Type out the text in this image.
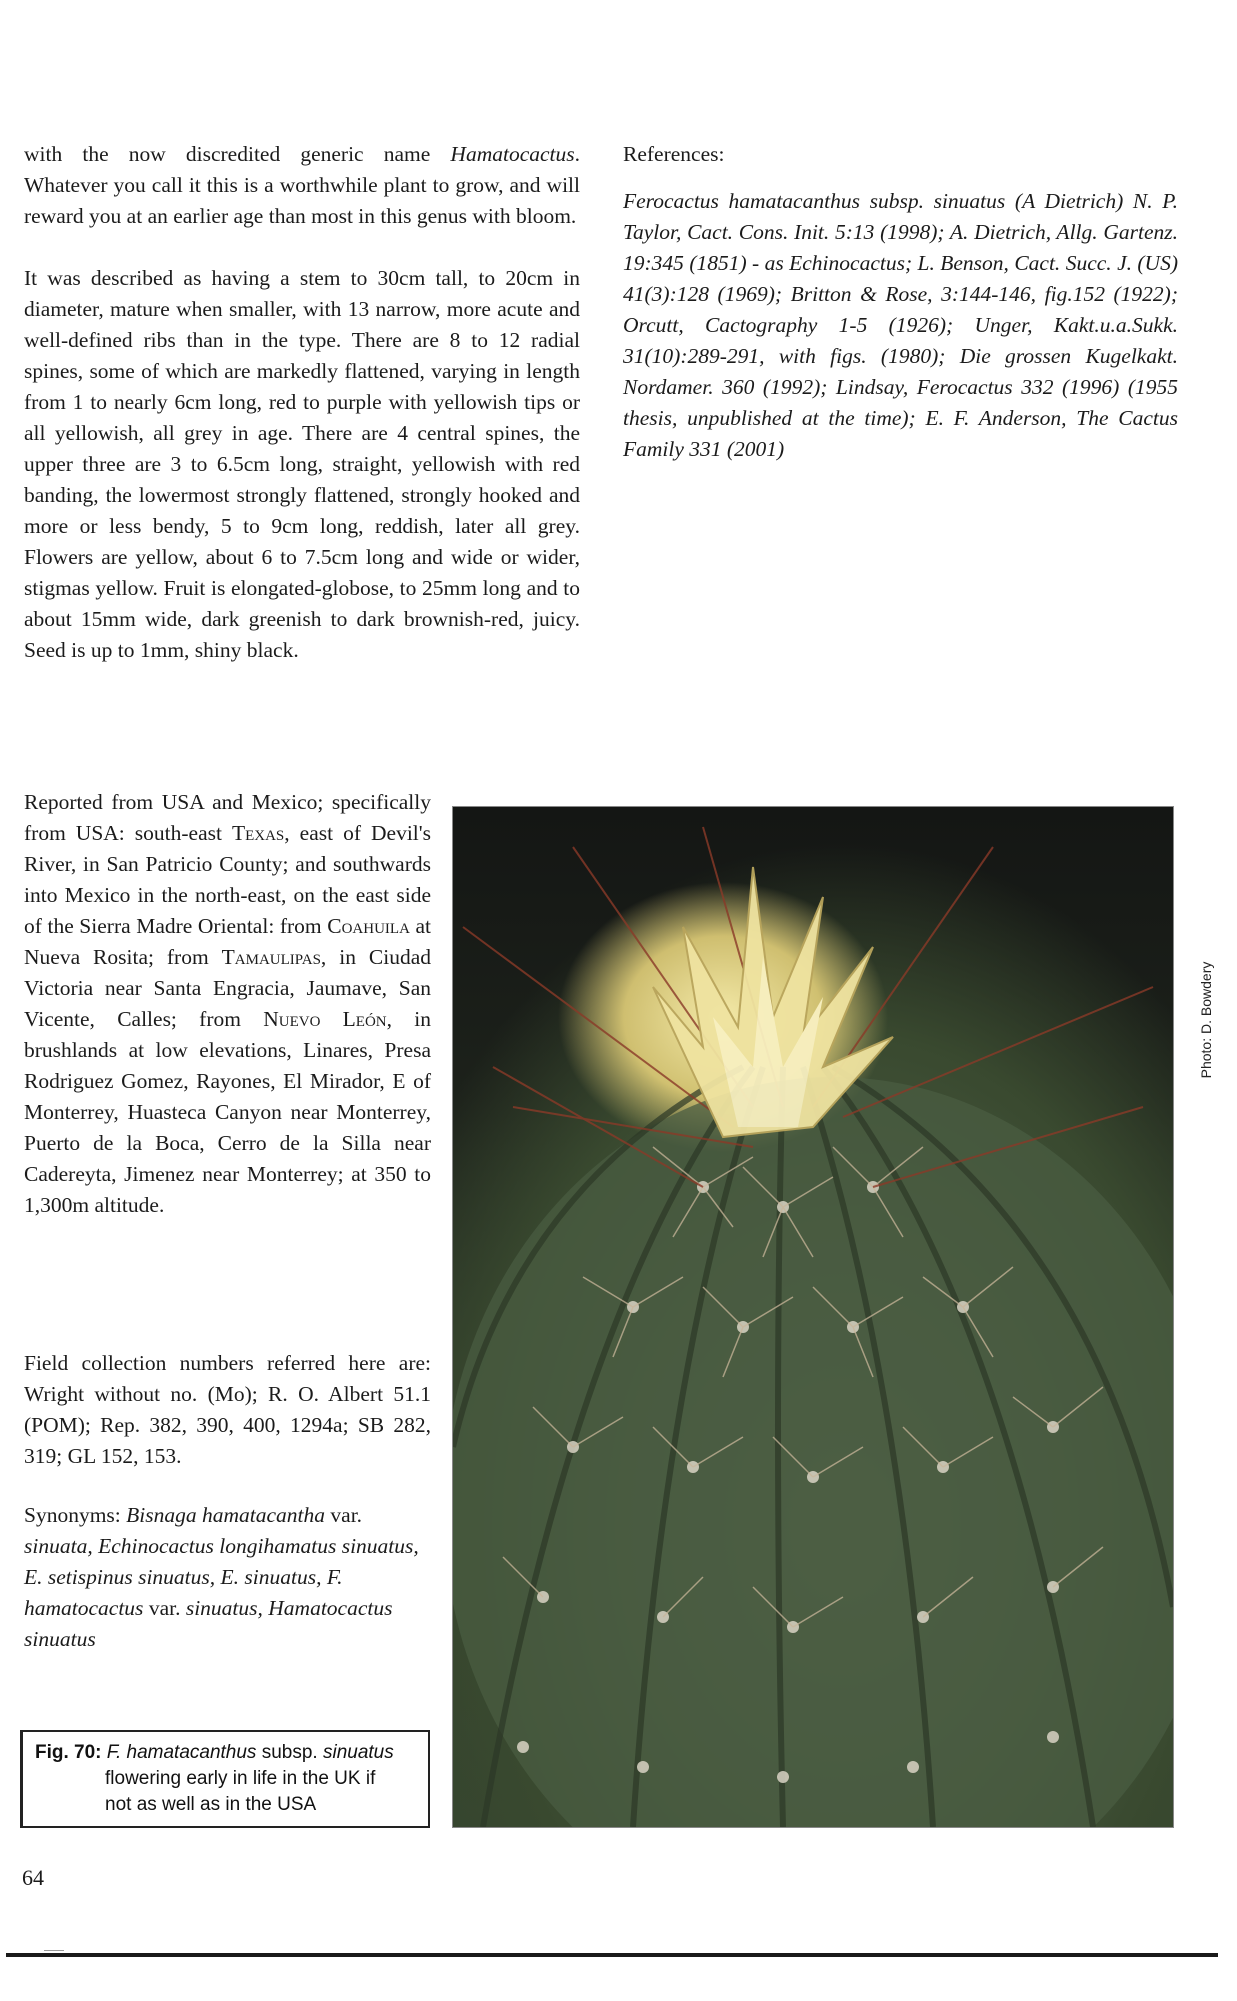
with the now discredited generic name Hamatocactus. Whatever you call it this is a worthwhile plant to grow, and will reward you at an earlier age than most in this genus with bloom.

It was described as having a stem to 30cm tall, to 20cm in diameter, mature when smaller, with 13 narrow, more acute and well-defined ribs than in the type. There are 8 to 12 radial spines, some of which are markedly flattened, varying in length from 1 to nearly 6cm long, red to purple with yellowish tips or all yellowish, all grey in age. There are 4 central spines, the upper three are 3 to 6.5cm long, straight, yellowish with red banding, the lowermost strongly flattened, strongly hooked and more or less bendy, 5 to 9cm long, reddish, later all grey. Flowers are yellow, about 6 to 7.5cm long and wide or wider, stigmas yellow. Fruit is elongated-globose, to 25mm long and to about 15mm wide, dark greenish to dark brownish-red, juicy. Seed is up to 1mm, shiny black.

References:
Ferocactus hamatacanthus subsp. sinuatus (A Dietrich) N. P. Taylor, Cact. Cons. Init. 5:13 (1998); A. Dietrich, Allg. Gartenz. 19:345 (1851) - as Echinocactus; L. Benson, Cact. Succ. J. (US) 41(3):128 (1969); Britton & Rose, 3:144-146, fig.152 (1922); Orcutt, Cactography 1-5 (1926); Unger, Kakt.u.a.Sukk. 31(10):289-291, with figs. (1980); Die grossen Kugelkakt. Nordamer. 360 (1992); Lindsay, Ferocactus 332 (1996) (1955 thesis, unpublished at the time); E. F. Anderson, The Cactus Family 331 (2001)
Reported from USA and Mexico; specifically from USA: south-east Texas, east of Devil's River, in San Patricio County; and southwards into Mexico in the north-east, on the east side of the Sierra Madre Oriental: from Coahuila at Nueva Rosita; from Tamaulipas, in Ciudad Victoria near Santa Engracia, Jaumave, San Vicente, Calles; from Nuevo León, in brushlands at low elevations, Linares, Presa Rodriguez Gomez, Rayones, El Mirador, E of Monterrey, Huasteca Canyon near Monterrey, Puerto de la Boca, Cerro de la Silla near Cadereyta, Jimenez near Monterrey; at 350 to 1,300m altitude.
Field collection numbers referred here are: Wright without no. (Mo); R. O. Albert 51.1 (POM); Rep. 382, 390, 400, 1294a; SB 282, 319; GL 152, 153.
Synonyms: Bisnaga hamatacantha var. sinuata, Echinocactus longihamatus sinuatus, E. setispinus sinuatus, E. sinuatus, F. hamatocactus var. sinuatus, Hamatocactus sinuatus
Fig. 70: F. hamatacanthus subsp. sinuatus
flowering early in life in the UK if
not as well as in the USA
Photo: D. Bowdery
64
